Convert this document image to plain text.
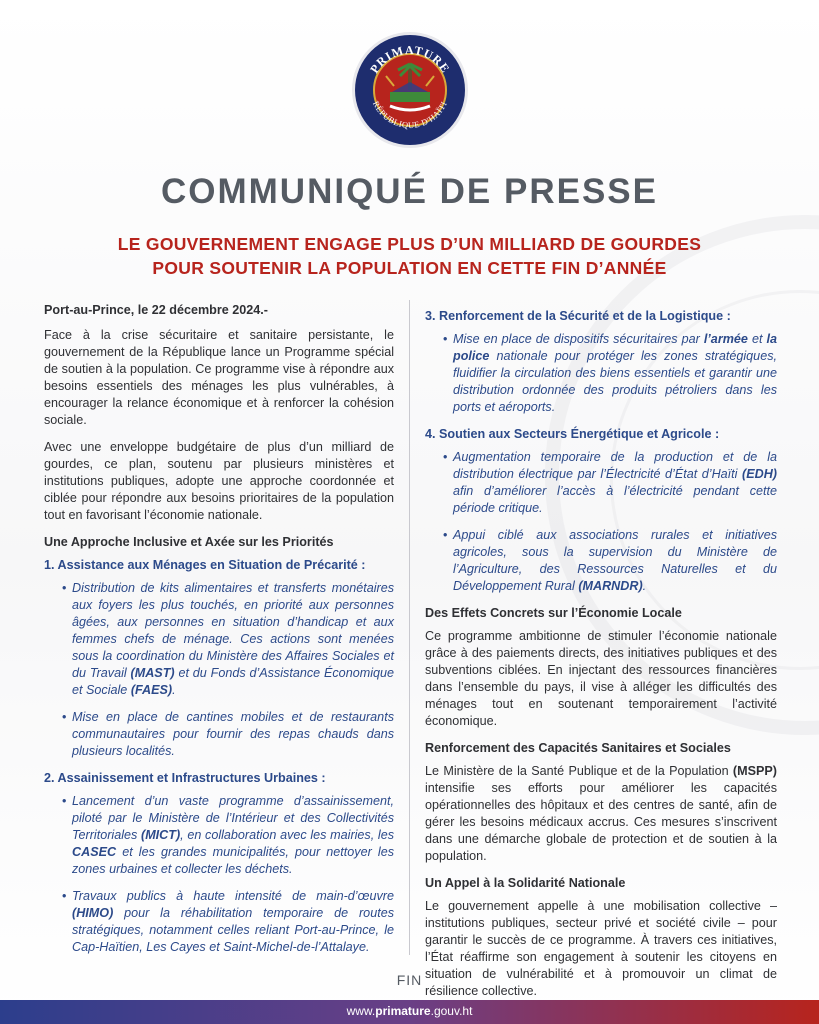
PRIMATURE
RÉPUBLIQUE D'HAÏTI
COMMUNIQUÉ DE PRESSE
LE GOUVERNEMENT ENGAGE PLUS D’UN MILLIARD DE GOURDES
POUR SOUTENIR LA POPULATION EN CETTE FIN D’ANNÉE

Port-au-Prince, le 22 décembre 2024.-

Face à la crise sécuritaire et sanitaire persistante, le gouvernement de la République lance un Programme spécial de soutien à la population. Ce programme vise à répondre aux besoins essentiels des ménages les plus vulnérables, à encourager la relance économique et à renforcer la cohésion sociale.

Avec une enveloppe budgétaire de plus d’un milliard de gourdes, ce plan, soutenu par plusieurs ministères et institutions publiques, adopte une approche coordonnée et ciblée pour répondre aux besoins prioritaires de la population tout en favorisant l’économie nationale.

Une Approche Inclusive et Axée sur les Priorités
1. Assistance aux Ménages en Situation de Précarité :
• Distribution de kits alimentaires et transferts monétaires aux foyers les plus touchés, en priorité aux personnes âgées, aux personnes en situation d’handicap et aux femmes chefs de ménage. Ces actions sont menées sous la coordination du Ministère des Affaires Sociales et du Travail (MAST) et du Fonds d’Assistance Économique et Sociale (FAES).
• Mise en place de cantines mobiles et de restaurants communautaires pour fournir des repas chauds dans plusieurs localités.
2. Assainissement et Infrastructures Urbaines :
• Lancement d’un vaste programme d’assainissement, piloté par le Ministère de l’Intérieur et des Collectivités Territoriales (MICT), en collaboration avec les mairies, les CASEC et les grandes municipalités, pour nettoyer les zones urbaines et collecter les déchets.
• Travaux publics à haute intensité de main-d’œuvre (HIMO) pour la réhabilitation temporaire de routes stratégiques, notamment celles reliant Port-au-Prince, le Cap-Haïtien, Les Cayes et Saint-Michel-de-l’Attalaye.
3. Renforcement de la Sécurité et de la Logistique :
• Mise en place de dispositifs sécuritaires par l’armée et la police nationale pour protéger les zones stratégiques, fluidifier la circulation des biens essentiels et garantir une distribution ordonnée des produits pétroliers dans les ports et aéroports.
4. Soutien aux Secteurs Énergétique et Agricole :
• Augmentation temporaire de la production et de la distribution électrique par l’Électricité d’État d’Haïti (EDH) afin d’améliorer l’accès à l’électricité pendant cette période critique.
• Appui ciblé aux associations rurales et initiatives agricoles, sous la supervision du Ministère de l’Agriculture, des Ressources Naturelles et du Développement Rural (MARNDR).
Des Effets Concrets sur l’Économie Locale

Ce programme ambitionne de stimuler l’économie nationale grâce à des paiements directs, des initiatives publiques et des subventions ciblées. En injectant des ressources financières dans l’ensemble du pays, il vise à alléger les difficultés des ménages tout en soutenant temporairement l’activité économique.

Renforcement des Capacités Sanitaires et Sociales

Le Ministère de la Santé Publique et de la Population (MSPP) intensifie ses efforts pour améliorer les capacités opérationnelles des hôpitaux et des centres de santé, afin de gérer les besoins médicaux accrus. Ces mesures s’inscrivent dans une démarche globale de protection et de soutien à la population.

Un Appel à la Solidarité Nationale

Le gouvernement appelle à une mobilisation collective – institutions publiques, secteur privé et société civile – pour garantir le succès de ce programme. À travers ces initiatives, l’État réaffirme son engagement à soutenir les citoyens en situation de vulnérabilité et à promouvoir un climat de résilience collective.

FIN
www.primature.gouv.ht
